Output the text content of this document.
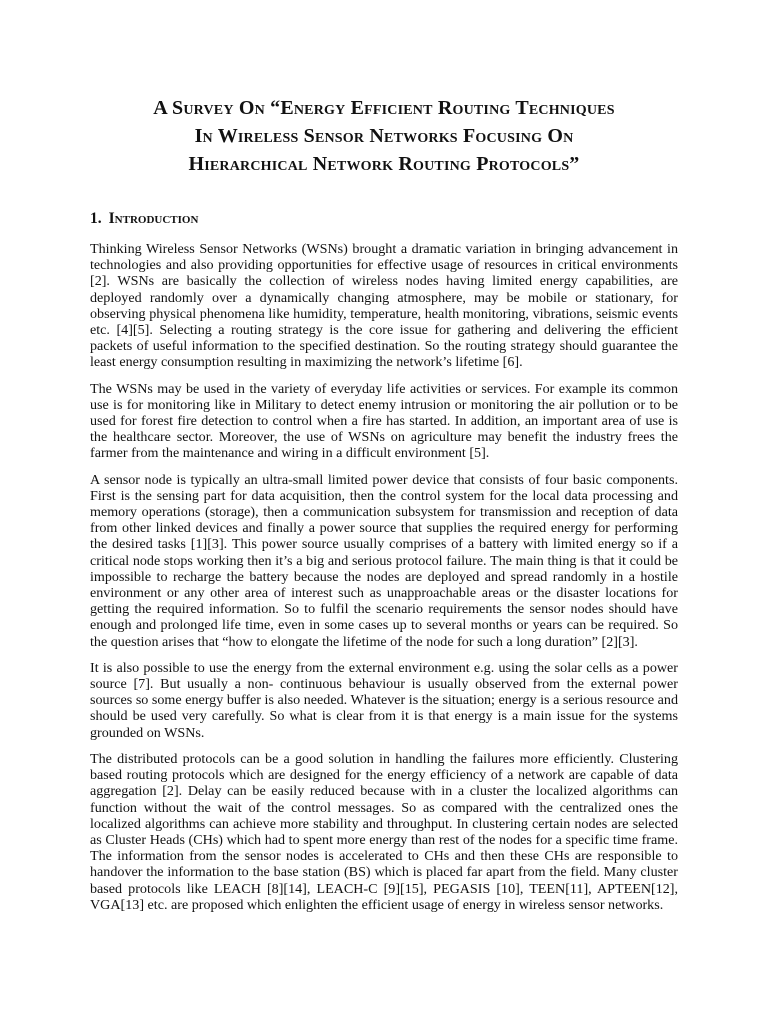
A Survey On “Energy Efficient Routing Techniques
In Wireless Sensor Networks Focusing On
Hierarchical Network Routing Protocols”
1. Introduction

Thinking Wireless Sensor Networks (WSNs) brought a dramatic variation in bringing advancement in technologies and also providing opportunities for effective usage of resources in critical environments [2]. WSNs are basically the collection of wireless nodes having limited energy capabilities, are deployed randomly over a dynamically changing atmosphere, may be mobile or stationary, for observing physical phenomena like humidity, temperature, health monitoring, vibrations, seismic events etc. [4][5]. Selecting a routing strategy is the core issue for gathering and delivering the efficient packets of useful information to the specified destination. So the routing strategy should guarantee the least energy consumption resulting in maximizing the network’s lifetime [6].

The WSNs may be used in the variety of everyday life activities or services. For example its common use is for monitoring like in Military to detect enemy intrusion or monitoring the air pollution or to be used for forest fire detection to control when a fire has started. In addition, an important area of use is the healthcare sector. Moreover, the use of WSNs on agriculture may benefit the industry frees the farmer from the maintenance and wiring in a difficult environment [5].

A sensor node is typically an ultra-small limited power device that consists of four basic components. First is the sensing part for data acquisition, then the control system for the local data processing and memory operations (storage), then a communication subsystem for transmission and reception of data from other linked devices and finally a power source that supplies the required energy for performing the desired tasks [1][3]. This power source usually comprises of a battery with limited energy so if a critical node stops working then it’s a big and serious protocol failure. The main thing is that it could be impossible to recharge the battery because the nodes are deployed and spread randomly in a hostile environment or any other area of interest such as unapproachable areas or the disaster locations for getting the required information. So to fulfil the scenario requirements the sensor nodes should have enough and prolonged life time, even in some cases up to several months or years can be required. So the question arises that “how to elongate the lifetime of the node for such a long duration” [2][3].

It is also possible to use the energy from the external environment e.g. using the solar cells as a power source [7]. But usually a non- continuous behaviour is usually observed from the external power sources so some energy buffer is also needed. Whatever is the situation; energy is a serious resource and should be used very carefully. So what is clear from it is that energy is a main issue for the systems grounded on WSNs.

The distributed protocols can be a good solution in handling the failures more efficiently. Clustering based routing protocols which are designed for the energy efficiency of a network are capable of data aggregation [2]. Delay can be easily reduced because with in a cluster the localized algorithms can function without the wait of the control messages. So as compared with the centralized ones the localized algorithms can achieve more stability and throughput. In clustering certain nodes are selected as Cluster Heads (CHs) which had to spent more energy than rest of the nodes for a specific time frame. The information from the sensor nodes is accelerated to CHs and then these CHs are responsible to handover the information to the base station (BS) which is placed far apart from the field. Many cluster based protocols like LEACH [8][14], LEACH-C [9][15], PEGASIS [10], TEEN[11], APTEEN[12], VGA[13] etc. are proposed which enlighten the efficient usage of energy in wireless sensor networks.
